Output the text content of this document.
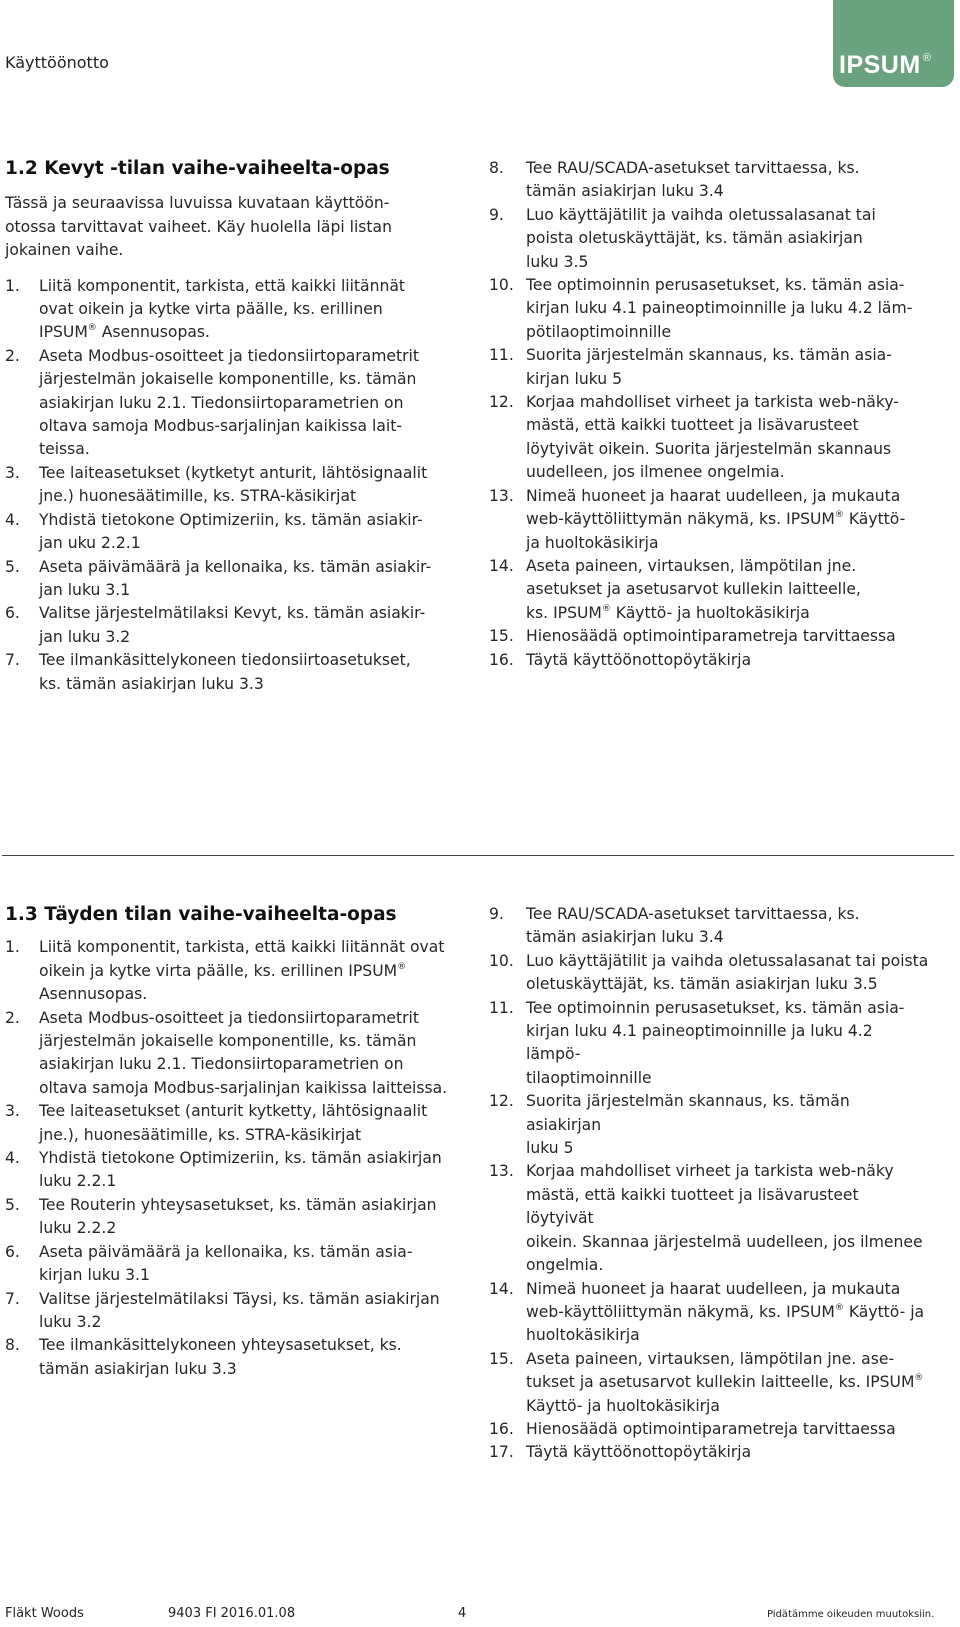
Käyttöönotto	IPSUM ®

1.2 Kevyt -tilan vaihe-vaiheelta-opas

Tässä ja seuraavissa luvuissa kuvataan käyttöön-
otossa tarvittavat vaiheet. Käy huolella läpi listan
jokainen vaihe.

1.	Liitä komponentit, tarkista, että kaikki liitännät
ovat oikein ja kytke virta päälle, ks. erillinen
IPSUM® Asennusopas.
2.	Aseta Modbus-osoitteet ja tiedonsiirtoparametrit
järjestelmän jokaiselle komponentille, ks. tämän
asiakirjan luku 2.1. Tiedonsiirtoparametrien on
oltava samoja Modbus-sarjalinjan kaikissa lait-
teissa.
3.	Tee laiteasetukset (kytketyt anturit, lähtösignaalit
jne.) huonesäätimille, ks. STRA-käsikirjat
4.	Yhdistä tietokone Optimizeriin, ks. tämän asiakir-
jan uku 2.2.1
5.	Aseta päivämäärä ja kellonaika, ks. tämän asiakir-
jan luku 3.1
6.	Valitse järjestelmätilaksi Kevyt, ks. tämän asiakir-
jan luku 3.2
7.	Tee ilmankäsittelykoneen tiedonsiirtoasetukset,
ks. tämän asiakirjan luku 3.3
8.	Tee RAU/SCADA-asetukset tarvittaessa, ks.
tämän asiakirjan luku 3.4
9.	Luo käyttäjätilit ja vaihda oletussalasanat tai
poista oletuskäyttäjät, ks. tämän asiakirjan
luku 3.5
10. Tee optimoinnin perusasetukset, ks. tämän asia-
kirjan luku 4.1 paineoptimoinnille ja luku 4.2 läm-
pötilaoptimoinnille
11. Suorita järjestelmän skannaus, ks. tämän asia-
kirjan luku 5
12. Korjaa mahdolliset virheet ja tarkista web-näky-
mästä, että kaikki tuotteet ja lisävarusteet
löytyivät oikein. Suorita järjestelmän skannaus
uudelleen, jos ilmenee ongelmia.
13. Nimeä huoneet ja haarat uudelleen, ja mukauta
web-käyttöliittymän näkymä, ks. IPSUM® Käyttö-
ja huoltokäsikirja
14. Aseta paineen, virtauksen, lämpötilan jne.
asetukset ja asetusarvot kullekin laitteelle,
ks. IPSUM® Käyttö- ja huoltokäsikirja
15. Hienosäädä optimointiparametreja tarvittaessa
16. Täytä käyttöönottopöytäkirja

1.3 Täyden tilan vaihe-vaiheelta-opas

1.	Liitä komponentit, tarkista, että kaikki liitännät ovat
oikein ja kytke virta päälle, ks. erillinen IPSUM®
Asennusopas.
2.	Aseta Modbus-osoitteet ja tiedonsiirtoparametrit
järjestelmän jokaiselle komponentille, ks. tämän
asiakirjan luku 2.1. Tiedonsiirtoparametrien on
oltava samoja Modbus-sarjalinjan kaikissa laitteissa.
3.	Tee laiteasetukset (anturit kytketty, lähtösignaalit
jne.), huonesäätimille, ks. STRA-käsikirjat
4.	Yhdistä tietokone Optimizeriin, ks. tämän asiakirjan
luku 2.2.1
5.	Tee Routerin yhteysasetukset, ks. tämän asiakirjan
luku 2.2.2
6.	Aseta päivämäärä ja kellonaika, ks. tämän asia-
kirjan luku 3.1
7.	Valitse järjestelmätilaksi Täysi, ks. tämän asiakirjan
luku 3.2
8.	Tee ilmankäsittelykoneen yhteysasetukset, ks.
tämän asiakirjan luku 3.3
9.	Tee RAU/SCADA-asetukset tarvittaessa, ks.
tämän asiakirjan luku 3.4
10. Luo käyttäjätilit ja vaihda oletussalasanat tai poista
oletuskäyttäjät, ks. tämän asiakirjan luku 3.5
11. Tee optimoinnin perusasetukset, ks. tämän asia-
kirjan luku 4.1 paineoptimoinnille ja luku 4.2 lämpö-
tilaoptimoinnille
12. Suorita järjestelmän skannaus, ks. tämän asiakirjan
luku 5
13. Korjaa mahdolliset virheet ja tarkista web-näky
mästä, että kaikki tuotteet ja lisävarusteet löytyivät
oikein. Skannaa järjestelmä uudelleen, jos ilmenee
ongelmia.
14. Nimeä huoneet ja haarat uudelleen, ja mukauta
web-käyttöliittymän näkymä, ks. IPSUM® Käyttö- ja
huoltokäsikirja
15. Aseta paineen, virtauksen, lämpötilan jne. ase-
tukset ja asetusarvot kullekin laitteelle, ks. IPSUM®
Käyttö- ja huoltokäsikirja
16. Hienosäädä optimointiparametreja tarvittaessa
17. Täytä käyttöönottopöytäkirja
Fläkt Woods	9403 FI 2016.01.08	4	Pidätämme oikeuden muutoksiin.
